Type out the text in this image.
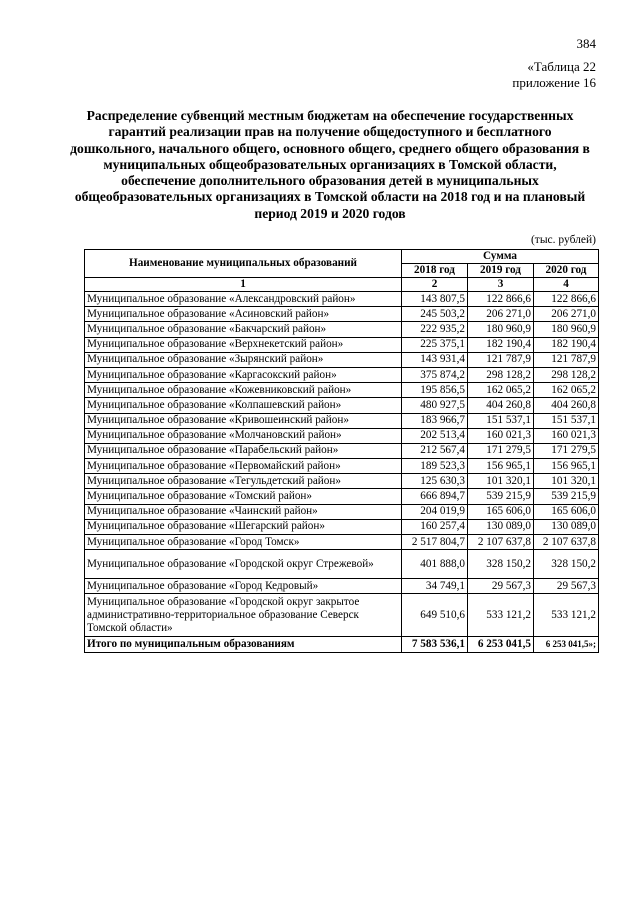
384
«Таблица 22
приложение 16
Распределение субвенций местным бюджетам на обеспечение государственных гарантий реализации прав на получение общедоступного и бесплатного дошкольного, начального общего, основного общего, среднего общего образования в муниципальных общеобразовательных организациях в Томской области, обеспечение дополнительного образования детей в муниципальных общеобразовательных организациях в Томской области на 2018 год и на плановый период 2019 и 2020 годов
(тыс. рублей)
Наименование муниципальных образований	Сумма		
	2018 год	2019 год	2020 год
1	2	3	4
Муниципальное образование «Александровский район»	143 807,5	122 866,6	122 866,6
Муниципальное образование «Асиновский район»	245 503,2	206 271,0	206 271,0
Муниципальное образование «Бакчарский район»	222 935,2	180 960,9	180 960,9
Муниципальное образование «Верхнекетский район»	225 375,1	182 190,4	182 190,4
Муниципальное образование «Зырянский район»	143 931,4	121 787,9	121 787,9
Муниципальное образование «Каргасокский район»	375 874,2	298 128,2	298 128,2
Муниципальное образование «Кожевниковский район»	195 856,5	162 065,2	162 065,2
Муниципальное образование «Колпашевский район»	480 927,5	404 260,8	404 260,8
Муниципальное образование «Кривошеинский район»	183 966,7	151 537,1	151 537,1
Муниципальное образование «Молчановский район»	202 513,4	160 021,3	160 021,3
Муниципальное образование «Парабельский район»	212 567,4	171 279,5	171 279,5
Муниципальное образование «Первомайский район»	189 523,3	156 965,1	156 965,1
Муниципальное образование «Тегульдетский район»	125 630,3	101 320,1	101 320,1
Муниципальное образование «Томский район»	666 894,7	539 215,9	539 215,9
Муниципальное образование «Чаинский район»	204 019,9	165 606,0	165 606,0
Муниципальное образование «Шегарский район»	160 257,4	130 089,0	130 089,0
Муниципальное образование «Город Томск»	2 517 804,7	2 107 637,8	2 107 637,8
Муниципальное образование «Городской округ Стрежевой»	401 888,0	328 150,2	328 150,2
Муниципальное образование «Город Кедровый»	34 749,1	29 567,3	29 567,3
Муниципальное образование «Городской округ закрытое административно-территориальное образование Северск Томской области»	649 510,6	533 121,2	533 121,2
Итого по муниципальным образованиям	7 583 536,1	6 253 041,5	6 253 041,5»;
